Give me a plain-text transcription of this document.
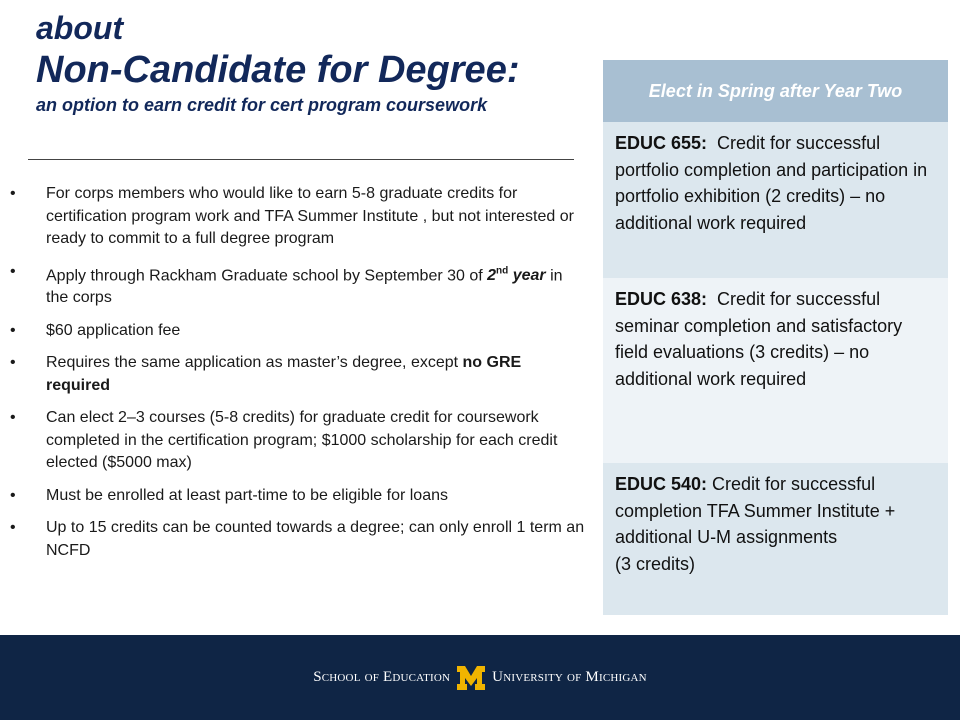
about
Non-Candidate for Degree:
an option to earn credit for cert program coursework
•	For corps members who would like to earn 5-8 graduate credits for certification program work and TFA Summer Institute , but not interested or ready to commit to a full degree program
•	Apply through Rackham Graduate school by September 30 of 2nd year in the corps
•	$60 application fee
•	Requires the same application as master’s degree, except no GRE required
•	Can elect 2–3 courses (5-8 credits) for graduate credit for coursework completed in the certification program; $1000 scholarship for each credit elected ($5000 max)
•	Must be enrolled at least part-time to be eligible for loans
•	Up to 15 credits can be counted towards a degree; can only enroll 1 term an NCFD
Elect in Spring after Year Two
EDUC 655:  Credit for successful portfolio completion and participation in portfolio exhibition (2 credits) – no additional work required
EDUC 638:  Credit for successful seminar completion and satisfactory field evaluations (3 credits) – no additional work required
EDUC 540: Credit for successful completion TFA Summer Institute + additional U-M assignments
(3 credits)
School of Education	University of Michigan
